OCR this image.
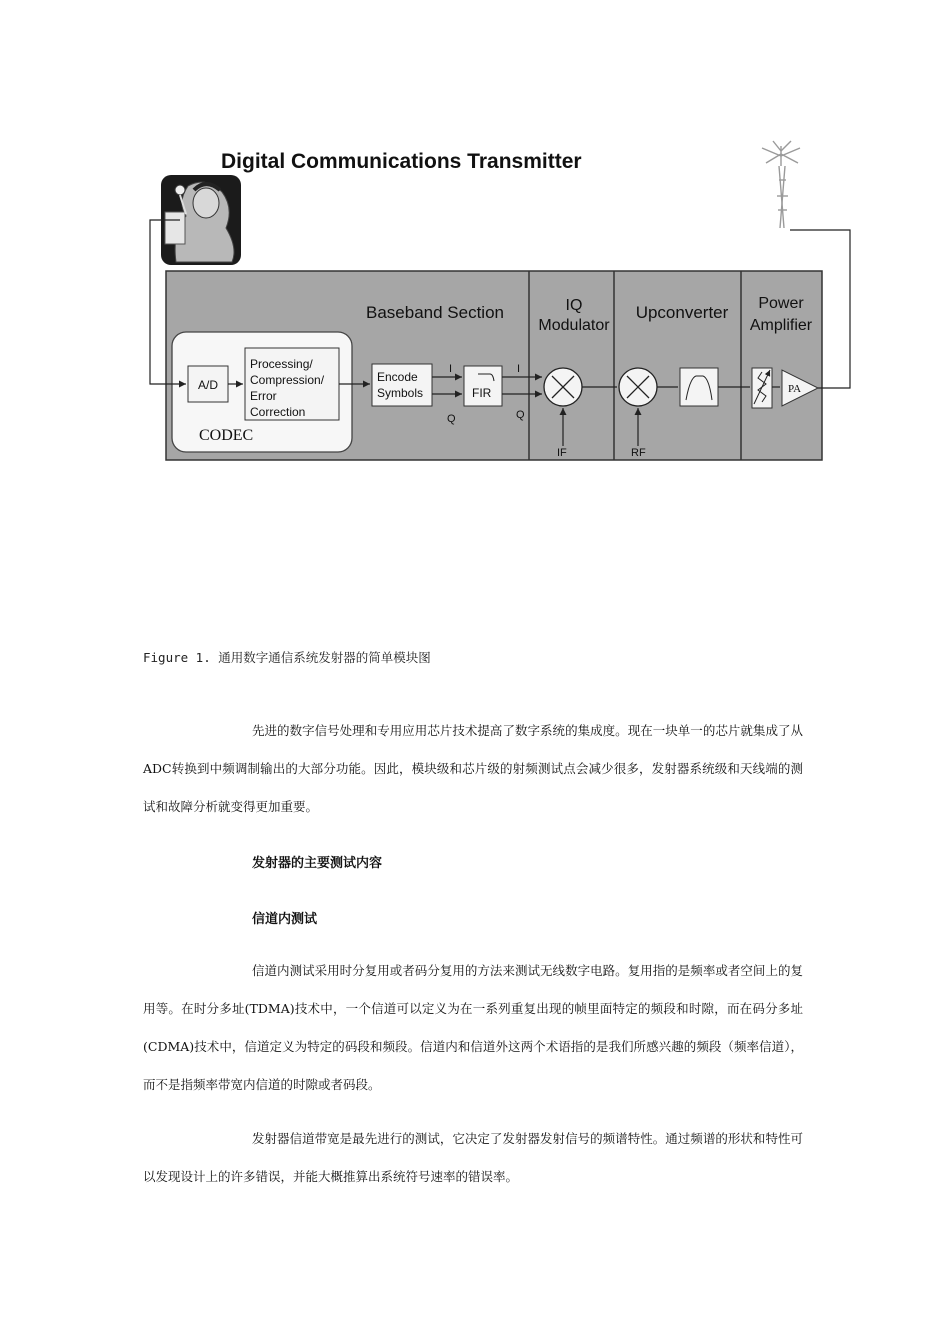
Digital Communications Transmitter
Baseband Section	IQ
Modulator
Upconverter Power
Amplifier
CODEC
A/D
Processing/
Compression/
Error
Correction
Encode
Symbols	FIR	PA
I
Q
I
Q
IF	RF
Figure 1. 通用数字通信系统发射器的简单模块图

先进的数字信号处理和专用应用芯片技术提高了数字系统的集成度。现在一块单一的芯片就集成了从ADC转换到中频调制输出的大部分功能。因此，模块级和芯片级的射频测试点会减少很多，发射器系统级和天线端的测试和故障分析就变得更加重要。

发射器的主要测试内容

信道内测试

信道内测试采用时分复用或者码分复用的方法来测试无线数字电路。复用指的是频率或者空间上的复用等。在时分多址(TDMA)技术中，一个信道可以定义为在一系列重复出现的帧里面特定的频段和时隙，而在码分多址(CDMA)技术中，信道定义为特定的码段和频段。信道内和信道外这两个术语指的是我们所感兴趣的频段（频率信道），而不是指频率带宽内信道的时隙或者码段。

发射器信道带宽是最先进行的测试，它决定了发射器发射信号的频谱特性。通过频谱的形状和特性可以发现设计上的许多错误，并能大概推算出系统符号速率的错误率。
